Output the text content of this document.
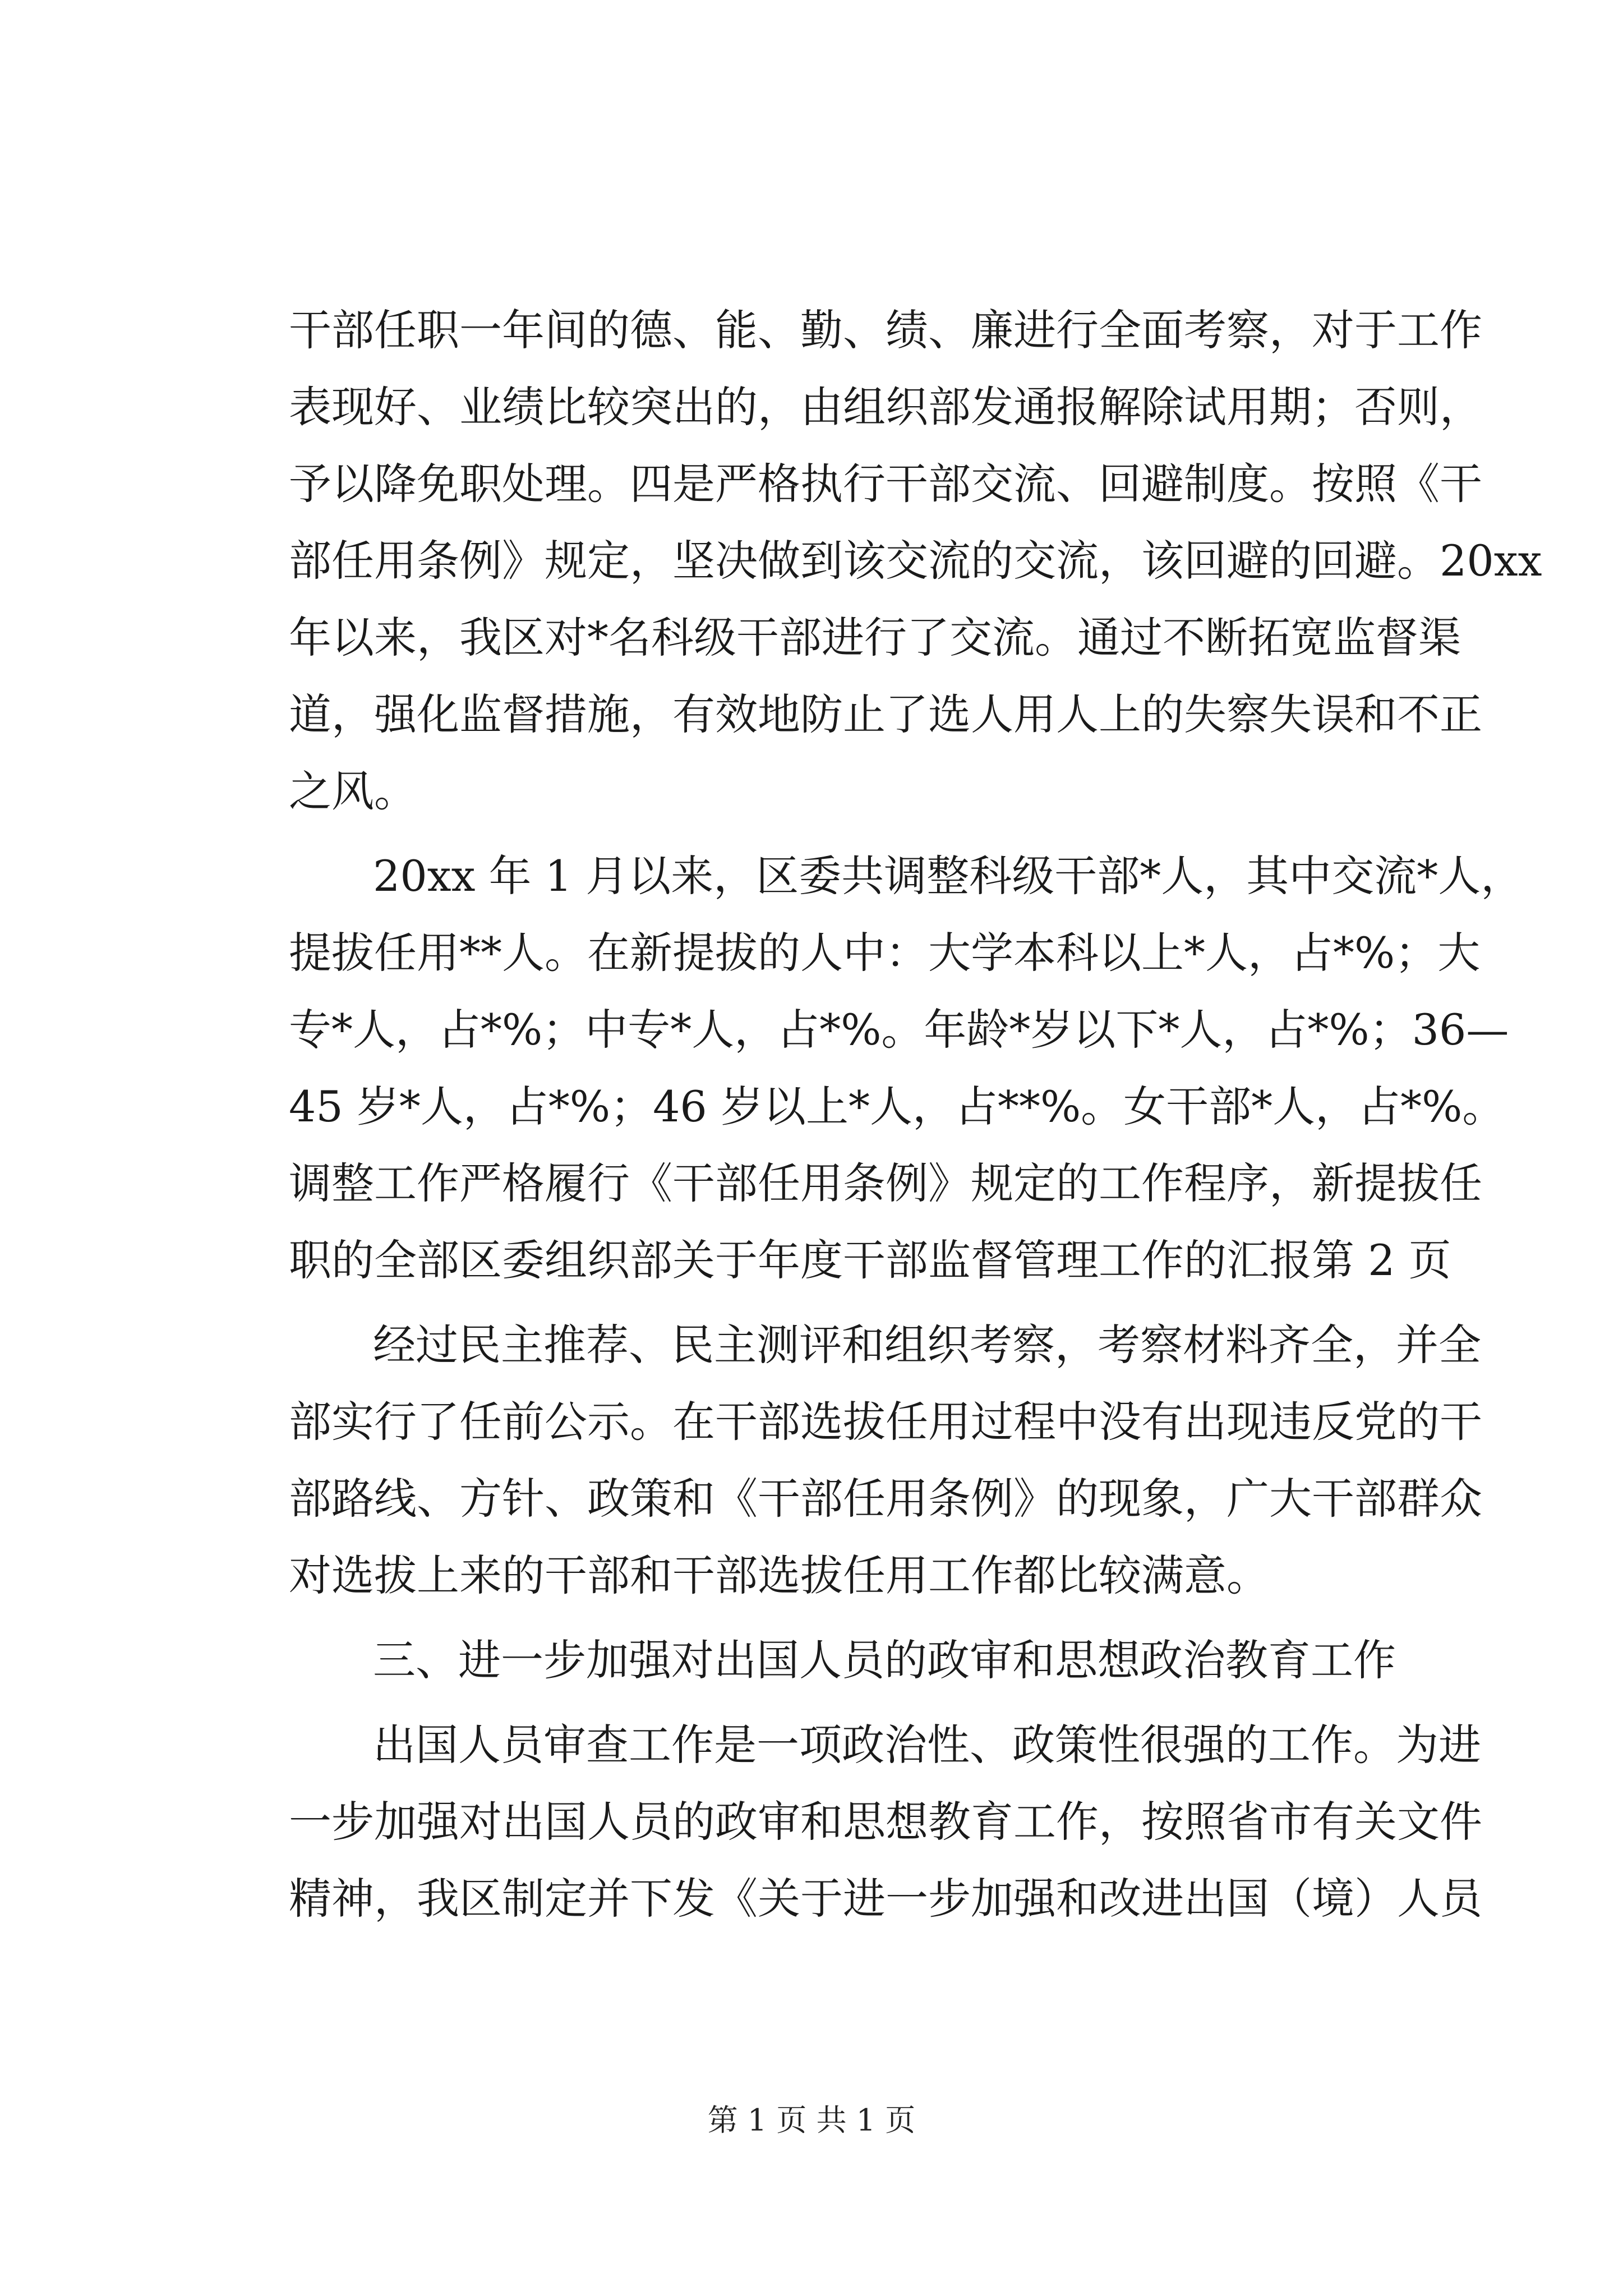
干部任职一年间的德、能、勤、绩、廉进行全面考察，对于工作
表现好、业绩比较突出的，由组织部发通报解除试用期；否则，
予以降免职处理。四是严格执行干部交流、回避制度。按照《干
部任用条例》规定，坚决做到该交流的交流，该回避的回避。20xx
年以来，我区对*名科级干部进行了交流。通过不断拓宽监督渠
道，强化监督措施，有效地防止了选人用人上的失察失误和不正
之风。
20xx 年 1 月以来，区委共调整科级干部*人，其中交流*人，
提拔任用**人。在新提拔的人中：大学本科以上*人，占*%；大
专*人，占*%；中专*人，占*%。年龄*岁以下*人，占*%；36—
45 岁*人，占*%；46 岁以上*人，占**%。女干部*人，占*%。
调整工作严格履行《干部任用条例》规定的工作程序，新提拔任
职的全部区委组织部关于年度干部监督管理工作的汇报第 2 页
经过民主推荐、民主测评和组织考察，考察材料齐全，并全
部实行了任前公示。在干部选拔任用过程中没有出现违反党的干
部路线、方针、政策和《干部任用条例》的现象，广大干部群众
对选拔上来的干部和干部选拔任用工作都比较满意。
三、进一步加强对出国人员的政审和思想政治教育工作
出国人员审查工作是一项政治性、政策性很强的工作。为进
一步加强对出国人员的政审和思想教育工作，按照省市有关文件
精神，我区制定并下发《关于进一步加强和改进出国（境）人员
第 1 页 共 1 页
